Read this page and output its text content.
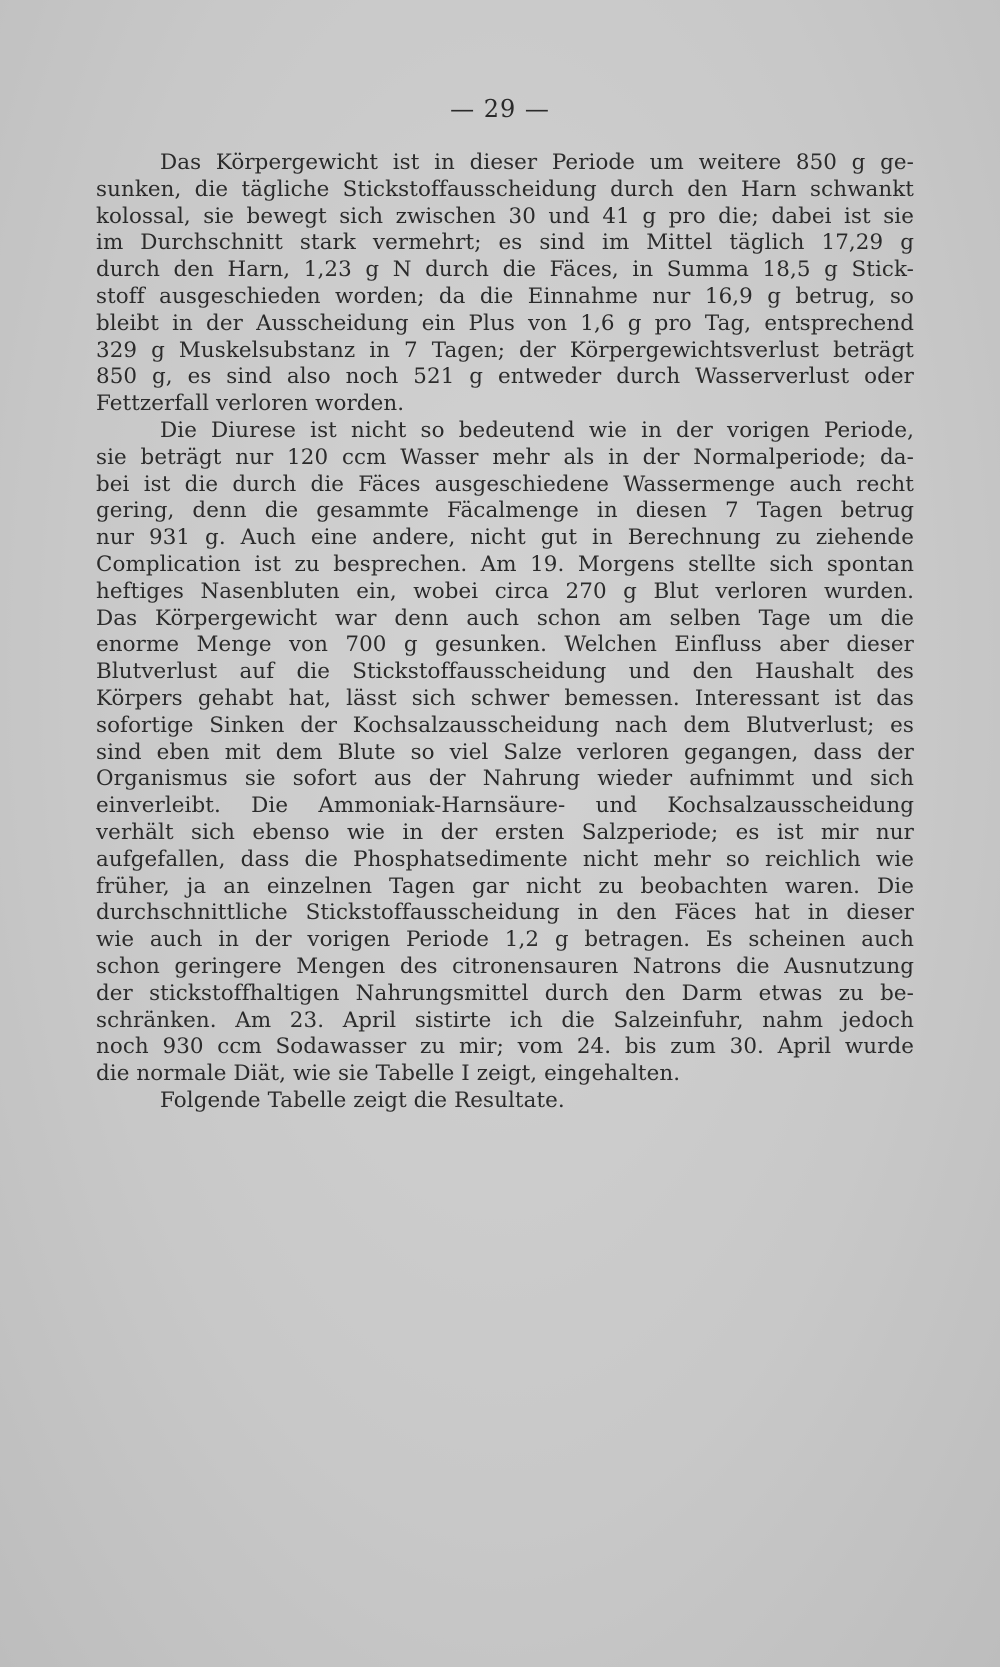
— 29 —
Das Körpergewicht ist in dieser Periode um weitere 850 g ge-
sunken, die tägliche Stickstoffausscheidung durch den Harn schwankt
kolossal, sie bewegt sich zwischen 30 und 41 g pro die; dabei ist sie
im Durchschnitt stark vermehrt; es sind im Mittel täglich 17,29 g
durch den Harn, 1,23 g N durch die Fäces, in Summa 18,5 g Stick-
stoff ausgeschieden worden; da die Einnahme nur 16,9 g betrug, so
bleibt in der Ausscheidung ein Plus von 1,6 g pro Tag, entsprechend
329 g Muskelsubstanz in 7 Tagen; der Körpergewichtsverlust beträgt
850 g, es sind also noch 521 g entweder durch Wasserverlust oder
Fettzerfall verloren worden.
Die Diurese ist nicht so bedeutend wie in der vorigen Periode,
sie beträgt nur 120 ccm Wasser mehr als in der Normalperiode; da-
bei ist die durch die Fäces ausgeschiedene Wassermenge auch recht
gering, denn die gesammte Fäcalmenge in diesen 7 Tagen betrug
nur 931 g. Auch eine andere, nicht gut in Berechnung zu ziehende
Complication ist zu besprechen. Am 19. Morgens stellte sich spontan
heftiges Nasenbluten ein, wobei circa 270 g Blut verloren wurden.
Das Körpergewicht war denn auch schon am selben Tage um die
enorme Menge von 700 g gesunken. Welchen Einfluss aber dieser
Blutverlust auf die Stickstoffausscheidung und den Haushalt des
Körpers gehabt hat, lässt sich schwer bemessen. Interessant ist das
sofortige Sinken der Kochsalzausscheidung nach dem Blutverlust; es
sind eben mit dem Blute so viel Salze verloren gegangen, dass der
Organismus sie sofort aus der Nahrung wieder aufnimmt und sich
einverleibt. Die Ammoniak-Harnsäure- und Kochsalzausscheidung
verhält sich ebenso wie in der ersten Salzperiode; es ist mir nur
aufgefallen, dass die Phosphatsedimente nicht mehr so reichlich wie
früher, ja an einzelnen Tagen gar nicht zu beobachten waren. Die
durchschnittliche Stickstoffausscheidung in den Fäces hat in dieser
wie auch in der vorigen Periode 1,2 g betragen. Es scheinen auch
schon geringere Mengen des citronensauren Natrons die Ausnutzung
der stickstoffhaltigen Nahrungsmittel durch den Darm etwas zu be-
schränken. Am 23. April sistirte ich die Salzeinfuhr, nahm jedoch
noch 930 ccm Sodawasser zu mir; vom 24. bis zum 30. April wurde
die normale Diät, wie sie Tabelle I zeigt, eingehalten.
Folgende Tabelle zeigt die Resultate.
